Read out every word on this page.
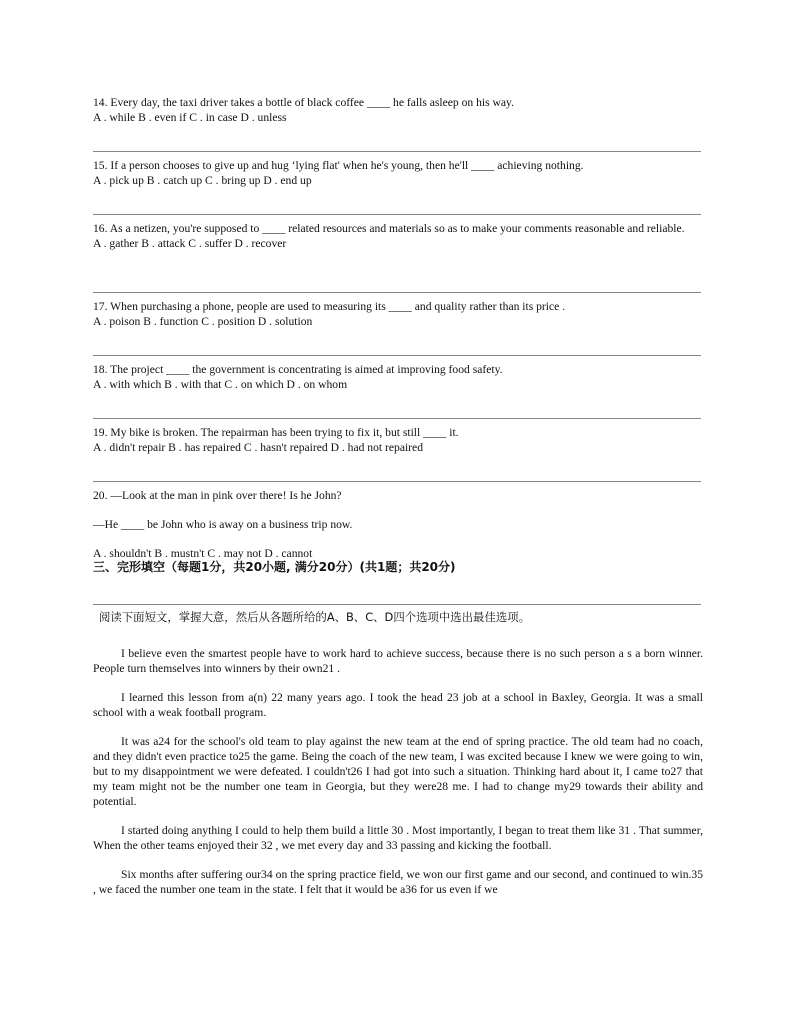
14. Every day, the taxi driver takes a bottle of black coffee ____ he falls asleep on his way.

A . while B . even if C . in case D . unless

15. If a person chooses to give up and hug ‘lying flat' when he's young, then he'll ____ achieving nothing.

A . pick up B . catch up C . bring up D . end up

16. As a netizen, you're supposed to ____ related resources and materials so as to make your comments reasonable and reliable.

A . gather B . attack C . suffer D . recover

17. When purchasing a phone, people are used to measuring its ____ and quality rather than its price .

A . poison B . function C . position D . solution

18. The project ____ the government is concentrating is aimed at improving food safety.

A . with which B . with that C . on which D . on whom

19. My bike is broken. The repairman has been trying to fix it, but still ____ it.

A . didn't repair B . has repaired C . hasn't repaired D . had not repaired

20. —Look at the man in pink over there! Is he John?

—He ____ be John who is away on a business trip now.

A . shouldn't B . mustn't C . may not D . cannot

三、完形填空（每题1分，共20小题, 满分20分）(共1题；共20分)
阅读下面短文，掌握大意，然后从各题所给的A、B、C、D四个选项中选出最佳选项。

I believe even the smartest people have to work hard to achieve success, because there is no such person a s a born winner. People turn themselves into winners by their own21 .

I learned this lesson from a(n) 22 many years ago. I took the head 23 job at a school in Baxley, Georgia. It was a small school with a weak football program.

It was a24 for the school's old team to play against the new team at the end of spring practice. The old team had no coach, and they didn't even practice to25 the game. Being the coach of the new team, I was excited because I knew we were going to win, but to my disappointment we were defeated. I couldn't26 I had got into such a situation. Thinking hard about it, I came to27 that my team might not be the number one team in Georgia, but they were28 me. I had to change my29 towards their ability and potential.

I started doing anything I could to help them build a little 30 . Most importantly, I began to treat them like 31 . That summer, When the other teams enjoyed their 32 , we met every day and 33 passing and kicking the football.

Six months after suffering our34 on the spring practice field, we won our first game and our second, and continued to win.35 , we faced the number one team in the state. I felt that it would be a36 for us even if we
